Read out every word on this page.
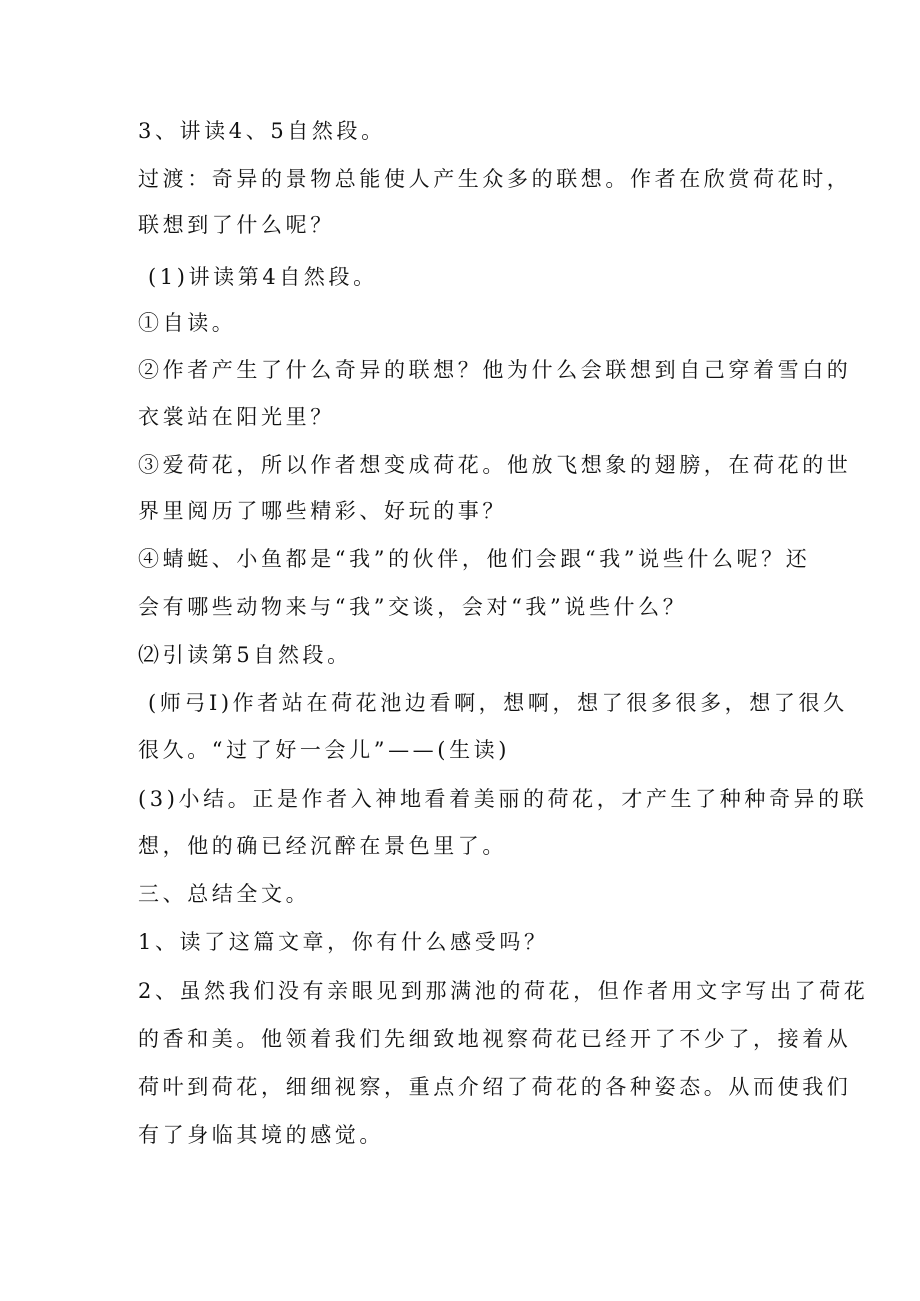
3、讲读4、5自然段。
过渡：奇异的景物总能使人产生众多的联想。作者在欣赏荷花时，
联想到了什么呢？
(1)讲读第4自然段。
①自读。
②作者产生了什么奇异的联想？他为什么会联想到自己穿着雪白的
衣裳站在阳光里？
③爱荷花，所以作者想变成荷花。他放飞想象的翅膀，在荷花的世
界里阅历了哪些精彩、好玩的事？
④蜻蜓、小鱼都是“我”的伙伴，他们会跟“我”说些什么呢？还
会有哪些动物来与“我”交谈，会对“我”说些什么？
⑵引读第5自然段。
(师弓I)作者站在荷花池边看啊，想啊，想了很多很多，想了很久
很久。“过了好一会儿”——(生读)
(3)小结。正是作者入神地看着美丽的荷花，才产生了种种奇异的联
想，他的确已经沉醉在景色里了。
三、总结全文。
1、读了这篇文章，你有什么感受吗？
2、虽然我们没有亲眼见到那满池的荷花，但作者用文字写出了荷花
的香和美。他领着我们先细致地视察荷花已经开了不少了，接着从
荷叶到荷花，细细视察，重点介绍了荷花的各种姿态。从而使我们
有了身临其境的感觉。
